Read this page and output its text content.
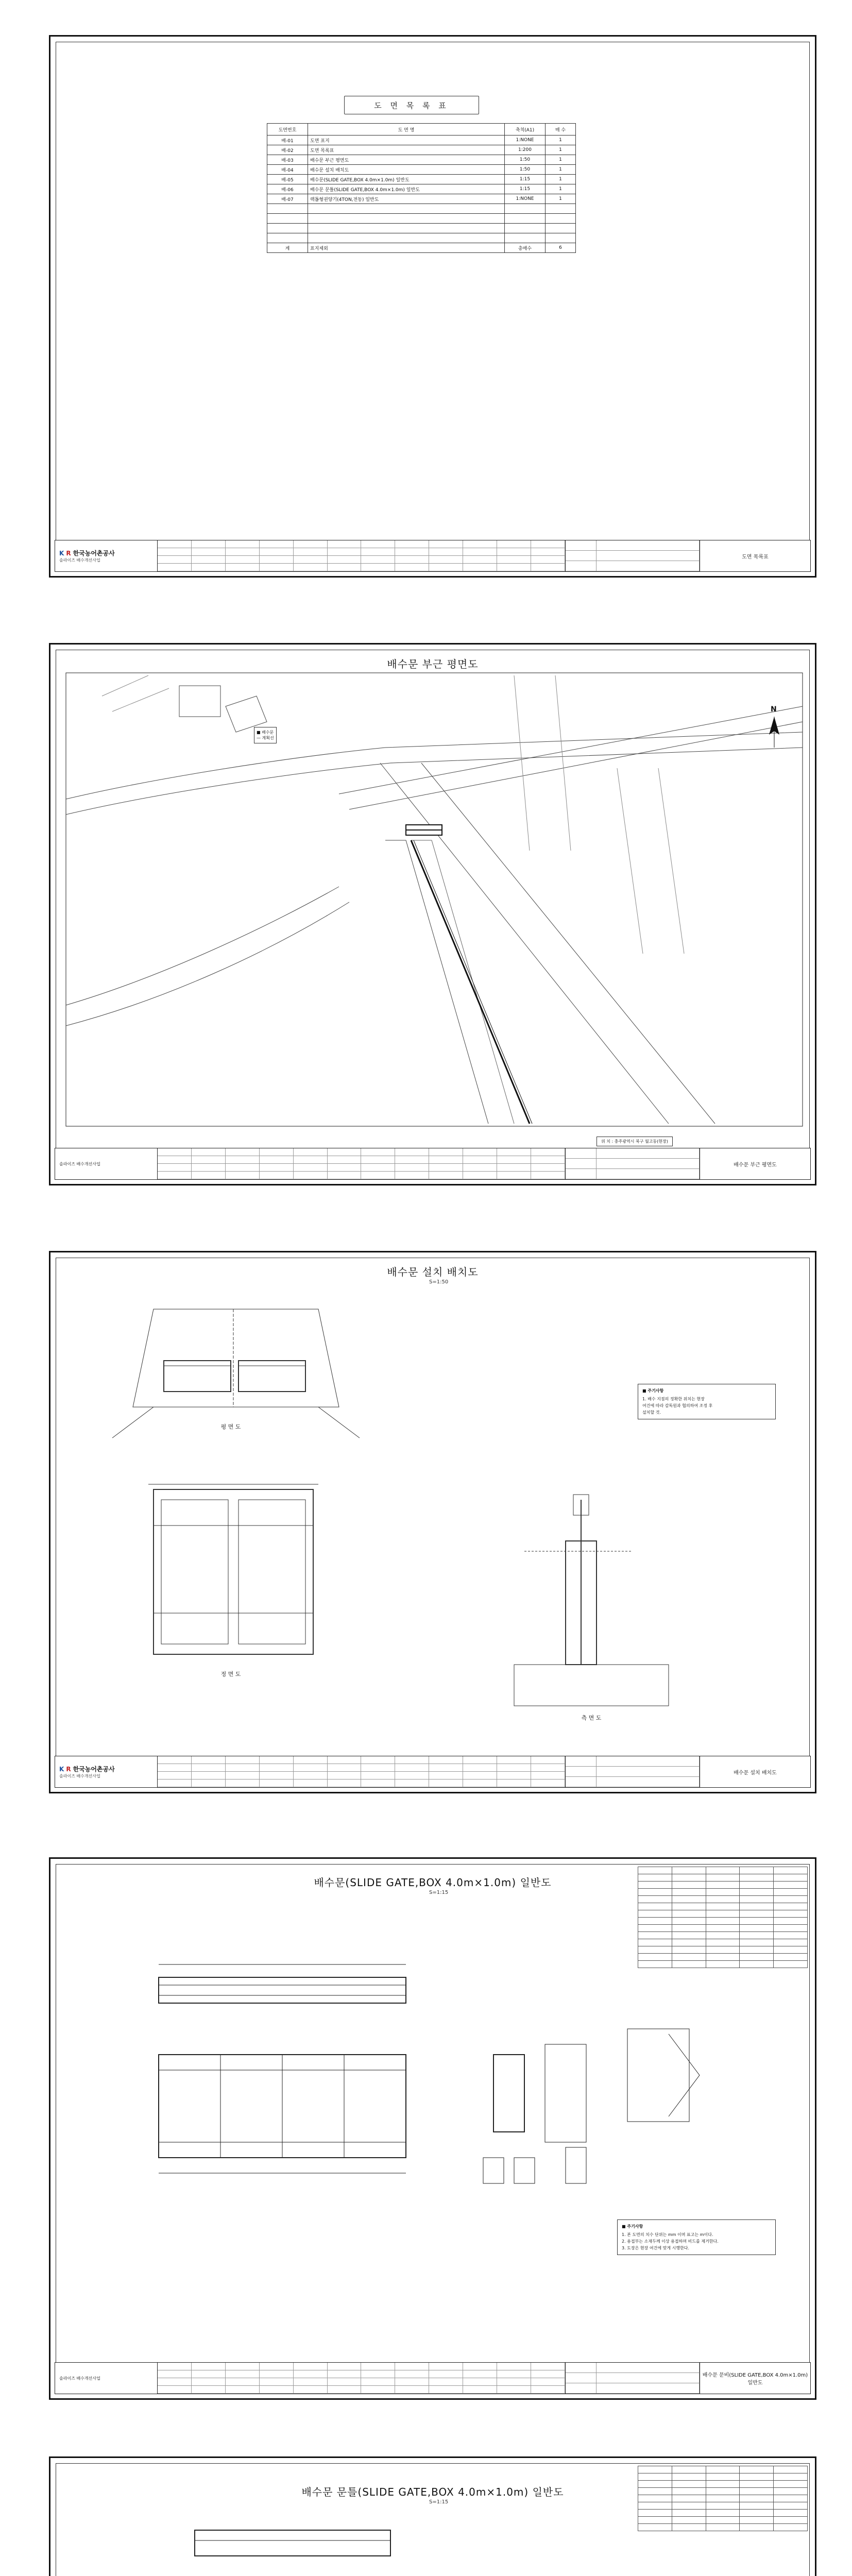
도 면 목 록 표
도면번호	도 면 명	축척(A1)	매 수
배-01	도면 표지	1:NONE	1
배-02	도면 목록표	1:200	1
배-03	배수문 부근 평면도	1:50	1
배-04	배수문 설치 배치도	1:50	1
배-05	배수문(SLIDE GATE,BOX 4.0m×1.0m) 일반도	1:15	1
배-06	배수문 문틀(SLIDE GATE,BOX 4.0m×1.0m) 일반도	1:15	1
배-07	랙톱형권양기(4TON,전동) 일반도	1:NONE	1

계	표지제외	총매수	6
K R 한국농어촌공사
솔라이즈 배수개선사업
도면 목록표
배수문 부근 평면도
■ 배수문
— 계획선
N
위 치 : 충주광역시 북구 월고동(현장)
솔라이즈 배수개선사업	배수문 부근 평면도
배수문 설치 배치도
S=1:50
평 면 도
정 면 도
측 면 도
■ 주기사항
1. 배수 지점의 정확한 위치는 현장
여건에 따라 감독원과 협의하여 조정 후
설치할 것.
K R 한국농어촌공사
솔라이즈 배수개선사업
배수문 설치 배치도
배수문(SLIDE GATE,BOX 4.0m×1.0m) 일반도
S=1:15

■ 주기사항
1. 본 도면의 치수 단위는 mm 이며 표고는 m이다.
2. 용접부는 소재두께 이상 용접하며 비드를 제거한다.
3. 도장은 현장 여건에 맞게 시행한다.
솔라이즈 배수개선사업	배수문 문비(SLIDE GATE,BOX 4.0m×1.0m) 일반도
배수문 문틀(SLIDE GATE,BOX 4.0m×1.0m) 일반도
S=1:15
